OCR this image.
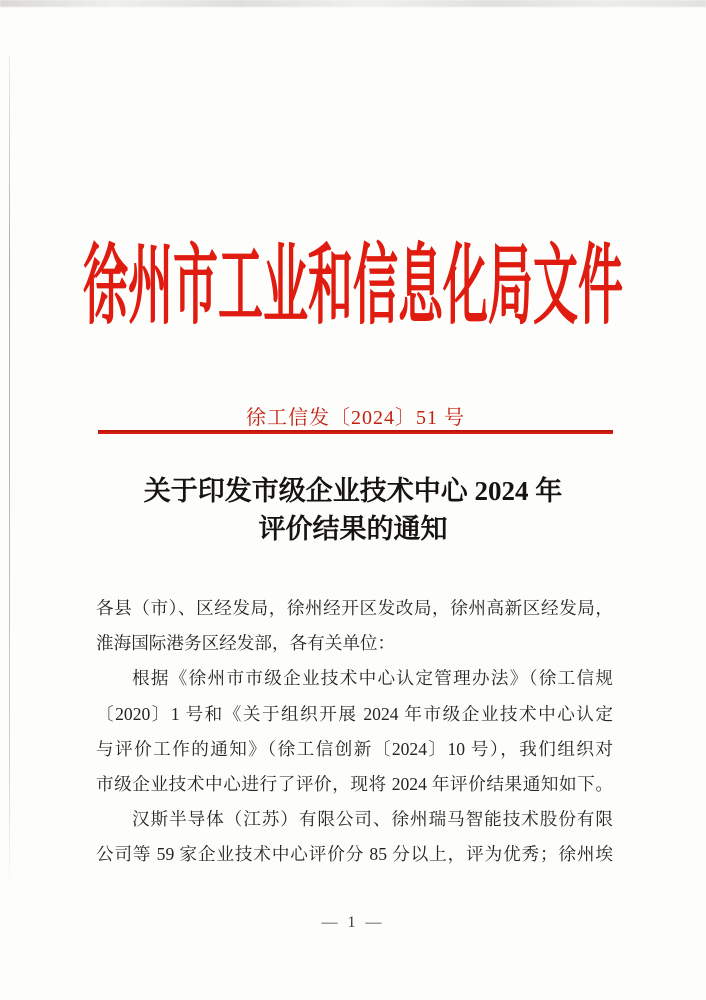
徐州市工业和信息化局文件
徐工信发〔2024〕51 号
关于印发市级企业技术中心 2024 年
评价结果的通知
各县（市）、区经发局，徐州经开区发改局，徐州高新区经发局，
淮海国际港务区经发部，各有关单位：
根据《徐州市市级企业技术中心认定管理办法》（徐工信规
〔2020〕1 号和《关于组织开展 2024 年市级企业技术中心认定
与评价工作的通知》（徐工信创新〔2024〕10 号），我们组织对
市级企业技术中心进行了评价，现将 2024 年评价结果通知如下。
汉斯半导体（江苏）有限公司、徐州瑞马智能技术股份有限
公司等 59 家企业技术中心评价分 85 分以上，评为优秀；徐州埃
— 1 —
